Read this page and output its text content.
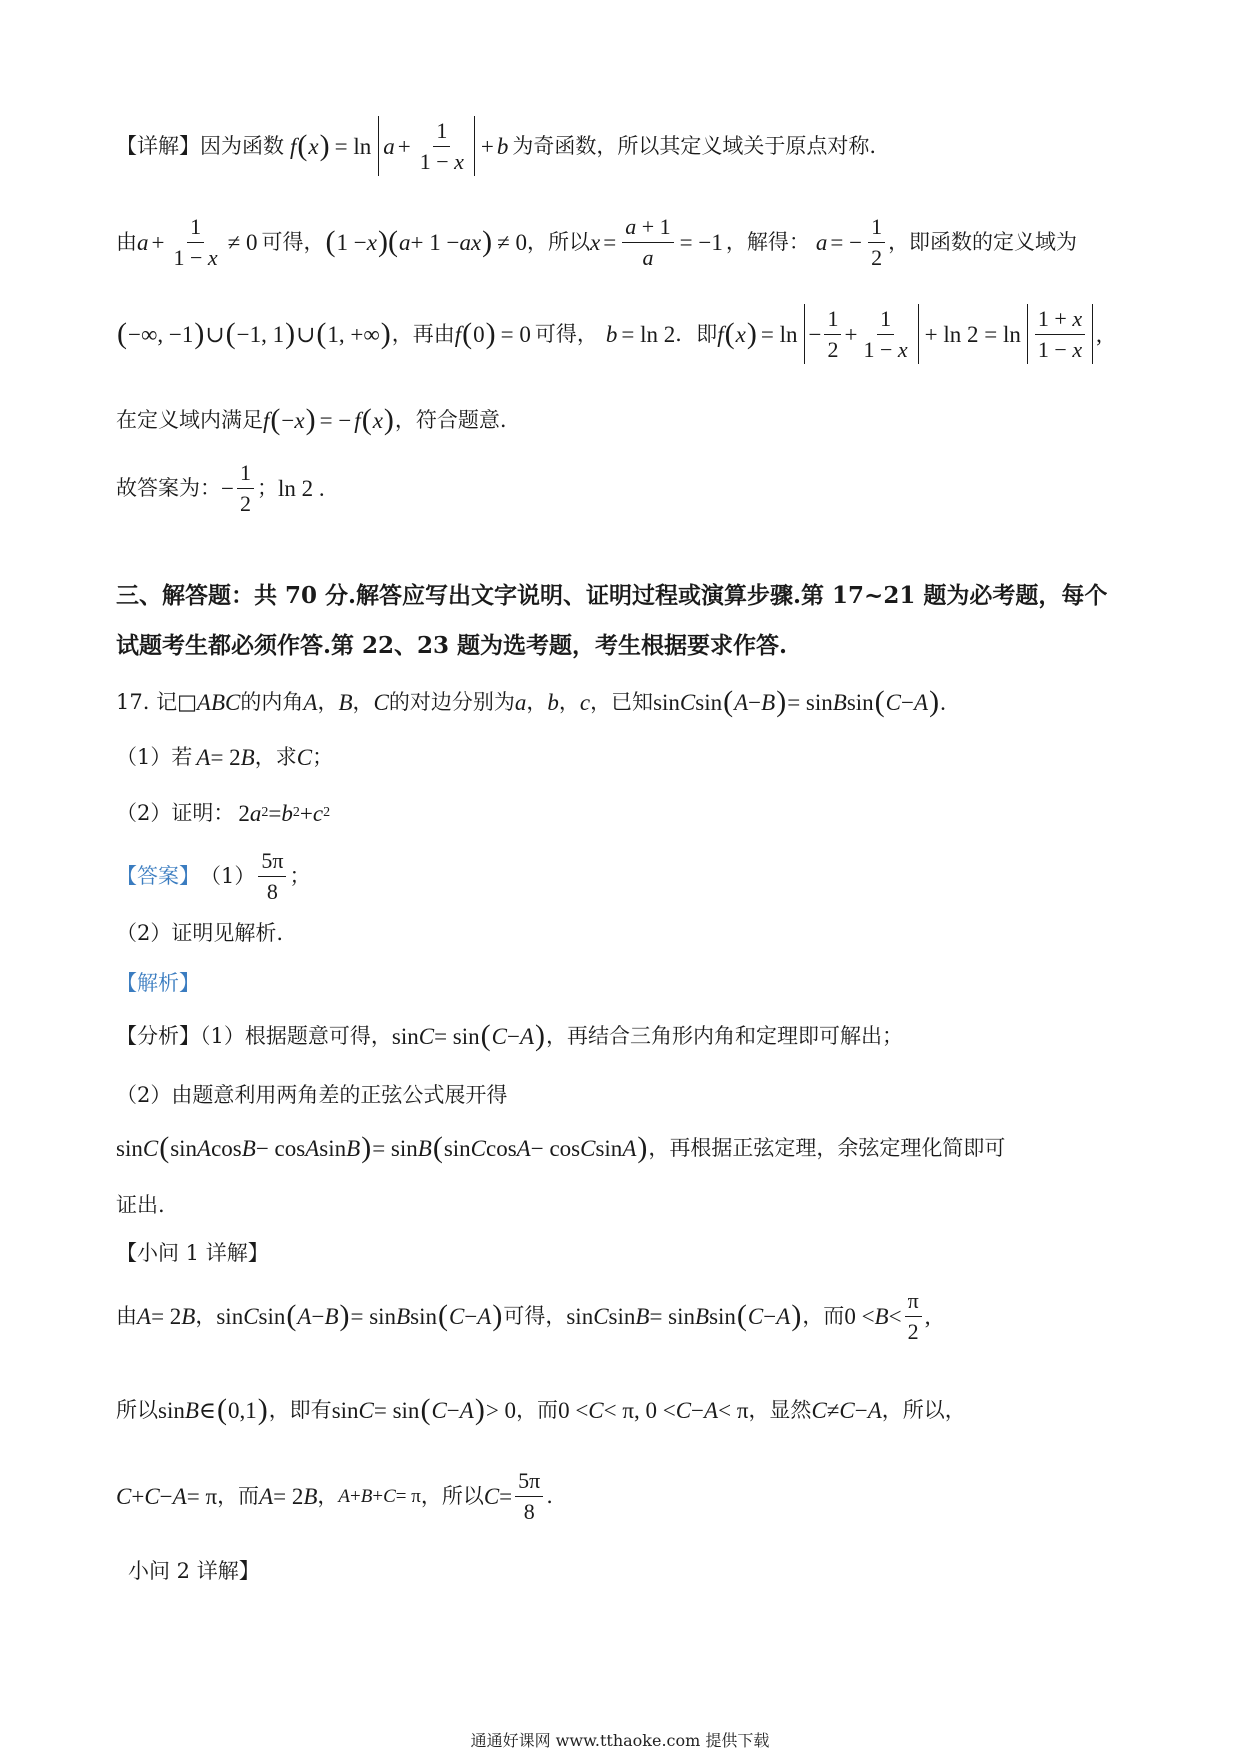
【详解】因为函数 f ( x ) = $\ln a + \frac{1}{1 - x} + b$ 为奇函数，所以其定义域关于原点对称.
由 $a + \frac{1}{1 - x} \ne 0$ 可得， ( 1 − x )( a + 1 − ax ) ≠ 0 ，所以 $x = \frac{a + 1}{a} = -1$ ，解得： a = − $\frac{1}{2}$ ，即函数的定义域为
( −∞, −1 ) ∪ ( −1, 1 ) ∪ ( 1, +∞ ) ，再由 f ( 0 ) = 0 可得， b = ln 2 ．即 f ( x ) = $\ln - \frac{1}{2} + \frac{1}{1 - x} + \ln 2 = \ln \frac{1 + x}{1 - x}$ ,
在定义域内满足 f ( − x ) = − f ( x ) ，符合题意.
故答案为： − $\frac{1}{2}$ ； ln 2 .
三、解答题：共 70 分.解答应写出文字说明、证明过程或演算步骤.第 17~21 题为必考题，每个
试题考生都必须作答.第 22、23 题为选考题，考生根据要求作答.
17. 记□ ABC 的内角 A ， B ， C 的对边分别为 a ， b ， c ，已知 sin C sin ( A − B ) = sin B sin ( C − A ) .
（1）若 A = 2 B ，求 C ；
（2）证明： 2 a 2 = b 2 + c 2
【答案】 $(1) \frac{5\pi}{8}$ ；
（2）证明见解析.
【解析】
【分析】（1）根据题意可得， sin C = sin ( C − A ) ，再结合三角形内角和定理即可解出；
（2）由题意利用两角差的正弦公式展开得
sin C ( sin A cos B − cos A sin B ) = sin B ( sin C cos A − cos C sin A ) ，再根据正弦定理，余弦定理化简即可
证出.
【小问 1 详解】
由 A = 2 B ， sin C sin ( A − B ) = sin B sin ( C − A ) 可得， sin C sin B = sin B sin ( C − A ) ，而 $0 < B < \frac{\pi}{2}$ ,
所以 sin B ∈ ( 0,1 ) ，即有 sin C = sin ( C − A ) > 0 ，而 0 < C < π, 0 < C − A < π ，显然 C ≠ C − A ，所以，
C + C − A = π ，而 A = 2 B ， A + B + C = π ，所以 $C = \frac{5\pi}{8}$ .
小问 2 详解】
通通好课网 www.tthaoke.com 提供下载
